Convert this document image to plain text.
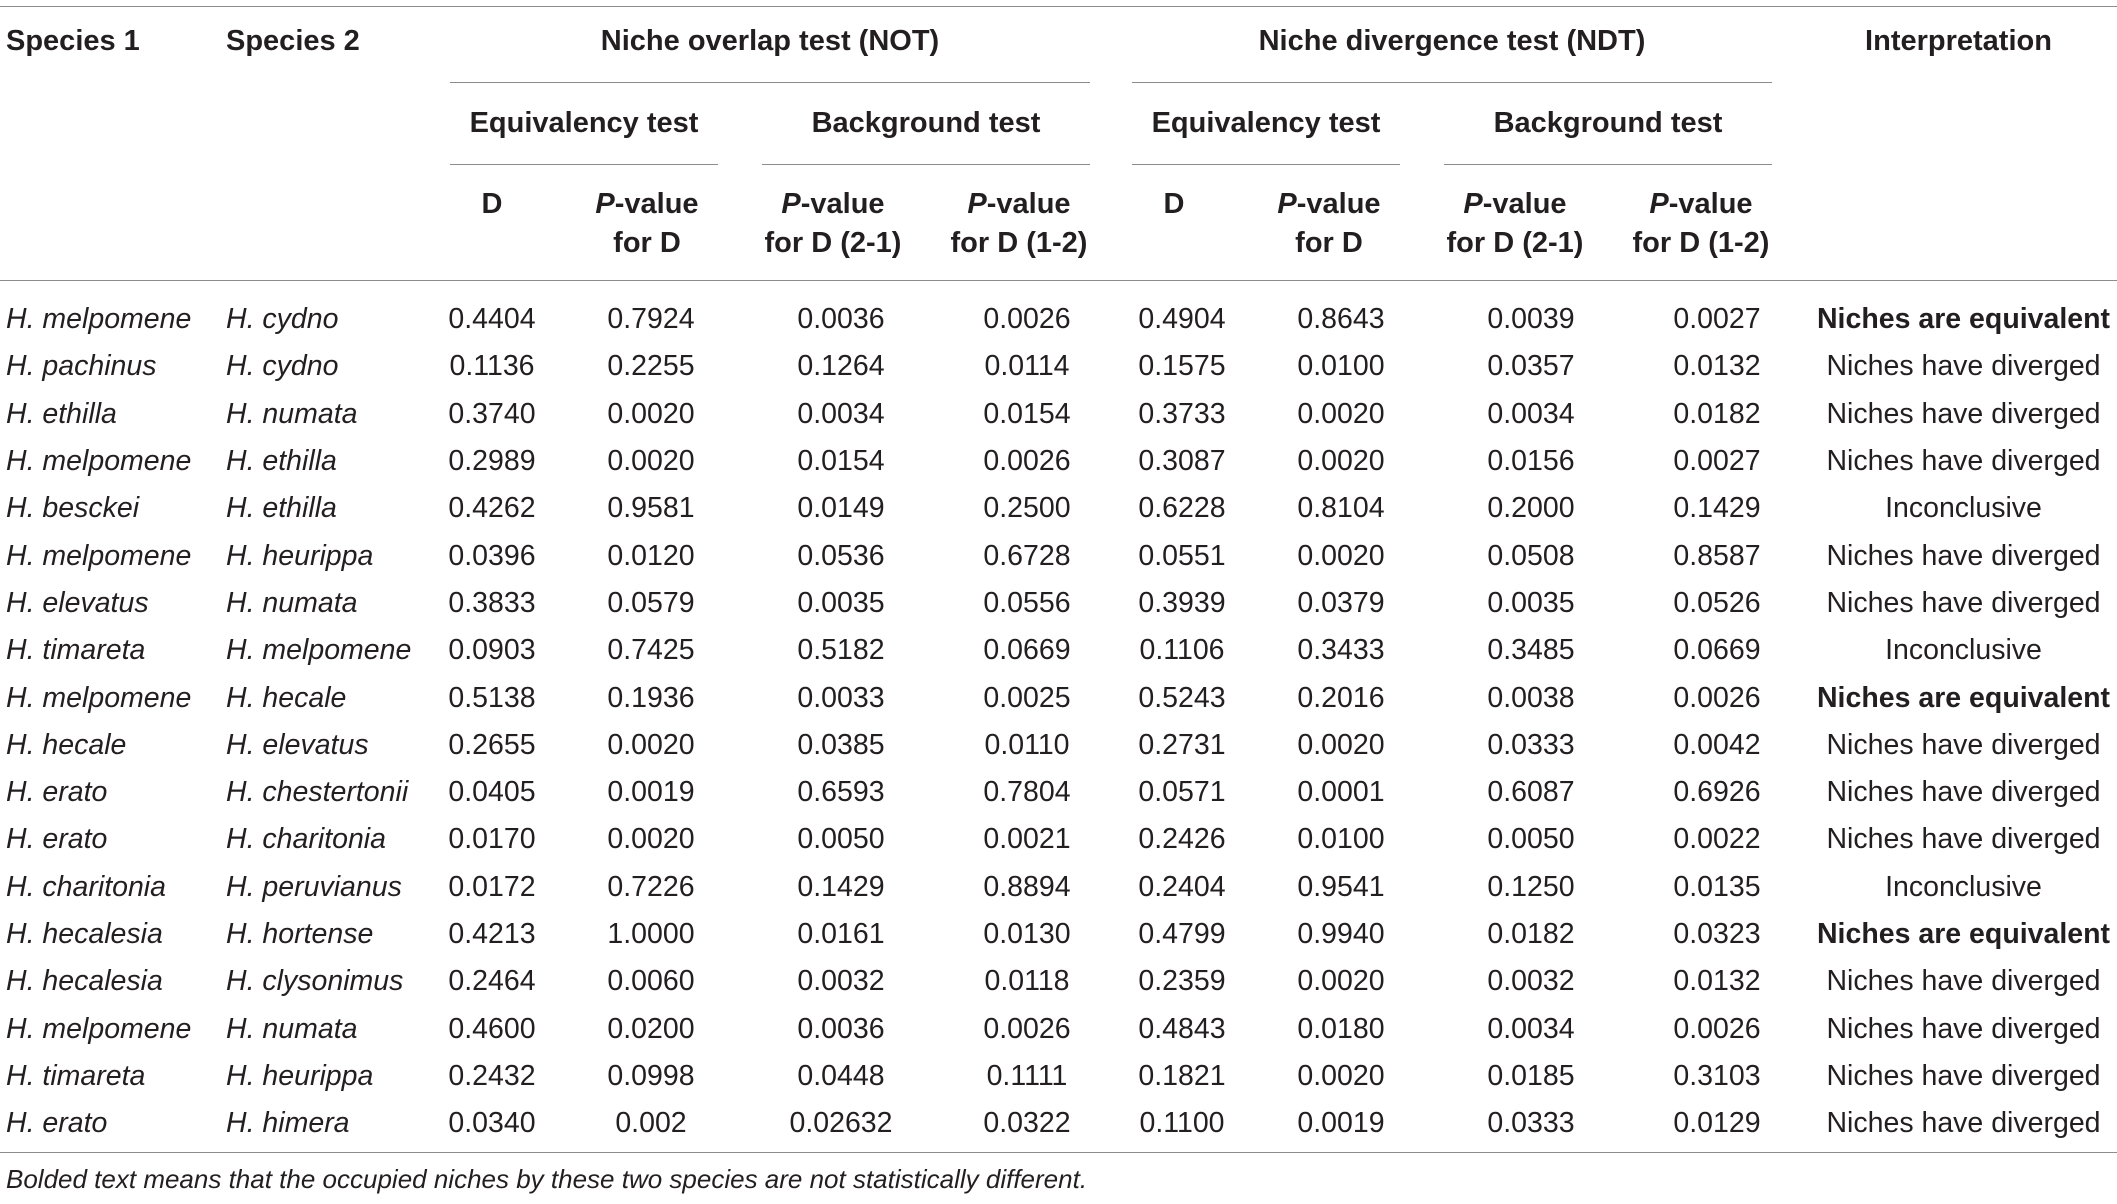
Species 1	Species 2	Niche overlap test (NOT)	Niche divergence test (NDT)	Interpretation
Equivalency test	Background test	Equivalency test	Background test
D	P-value
for D
P-value
for D (2-1)
P-value
for D (1-2)
D	P-value
for D
P-value
for D (2-1)
P-value
for D (1-2)
H. melpomene	H. cydno	0.4404	0.7924	0.0036	0.0026	0.4904	0.8643	0.0039	0.0027	Niches are equivalent
H. pachinus	H. cydno	0.1136	0.2255	0.1264	0.0114	0.1575	0.0100	0.0357	0.0132	Niches have diverged
H. ethilla	H. numata	0.3740	0.0020	0.0034	0.0154	0.3733	0.0020	0.0034	0.0182	Niches have diverged
H. melpomene	H. ethilla	0.2989	0.0020	0.0154	0.0026	0.3087	0.0020	0.0156	0.0027	Niches have diverged
H. besckei	H. ethilla	0.4262	0.9581	0.0149	0.2500	0.6228	0.8104	0.2000	0.1429	Inconclusive
H. melpomene	H. heurippa	0.0396	0.0120	0.0536	0.6728	0.0551	0.0020	0.0508	0.8587	Niches have diverged
H. elevatus	H. numata	0.3833	0.0579	0.0035	0.0556	0.3939	0.0379	0.0035	0.0526	Niches have diverged
H. timareta	H. melpomene	0.0903	0.7425	0.5182	0.0669	0.1106	0.3433	0.3485	0.0669	Inconclusive
H. melpomene	H. hecale	0.5138	0.1936	0.0033	0.0025	0.5243	0.2016	0.0038	0.0026	Niches are equivalent
H. hecale	H. elevatus	0.2655	0.0020	0.0385	0.0110	0.2731	0.0020	0.0333	0.0042	Niches have diverged
H. erato	H. chestertonii	0.0405	0.0019	0.6593	0.7804	0.0571	0.0001	0.6087	0.6926	Niches have diverged
H. erato	H. charitonia	0.0170	0.0020	0.0050	0.0021	0.2426	0.0100	0.0050	0.0022	Niches have diverged
H. charitonia	H. peruvianus	0.0172	0.7226	0.1429	0.8894	0.2404	0.9541	0.1250	0.0135	Inconclusive
H. hecalesia	H. hortense	0.4213	1.0000	0.0161	0.0130	0.4799	0.9940	0.0182	0.0323	Niches are equivalent
H. hecalesia	H. clysonimus	0.2464	0.0060	0.0032	0.0118	0.2359	0.0020	0.0032	0.0132	Niches have diverged
H. melpomene	H. numata	0.4600	0.0200	0.0036	0.0026	0.4843	0.0180	0.0034	0.0026	Niches have diverged
H. timareta	H. heurippa	0.2432	0.0998	0.0448	0.1111	0.1821	0.0020	0.0185	0.3103	Niches have diverged
H. erato	H. himera	0.0340	0.002	0.02632	0.0322	0.1100	0.0019	0.0333	0.0129	Niches have diverged
Bolded text means that the occupied niches by these two species are not statistically different.
